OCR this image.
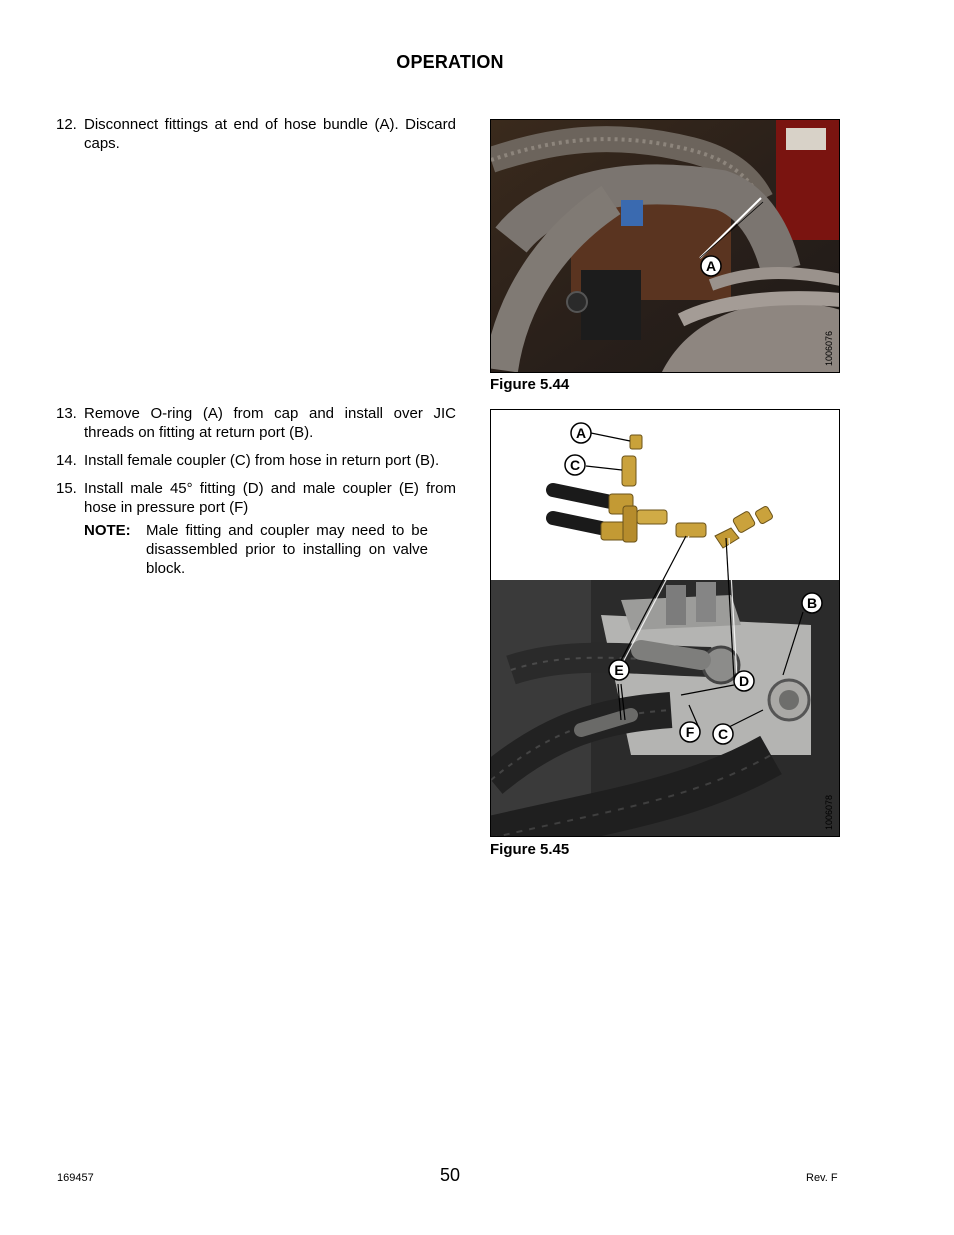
OPERATION
12. Disconnect fittings at end of hose bundle (A). Discard caps.
13. Remove O-ring (A) from cap and install over JIC threads on fitting at return port (B).
14. Install female coupler (C) from hose in return port (B).
15. Install male 45° fitting (D) and male coupler (E) from hose in pressure port (F)
NOTE:	Male fitting and coupler may need to be disassembled prior to installing on valve block.
A
1006076
Figure 5.44
A
C
B
E
D
F C
1006078
Figure 5.45
169457	50	Rev. F
